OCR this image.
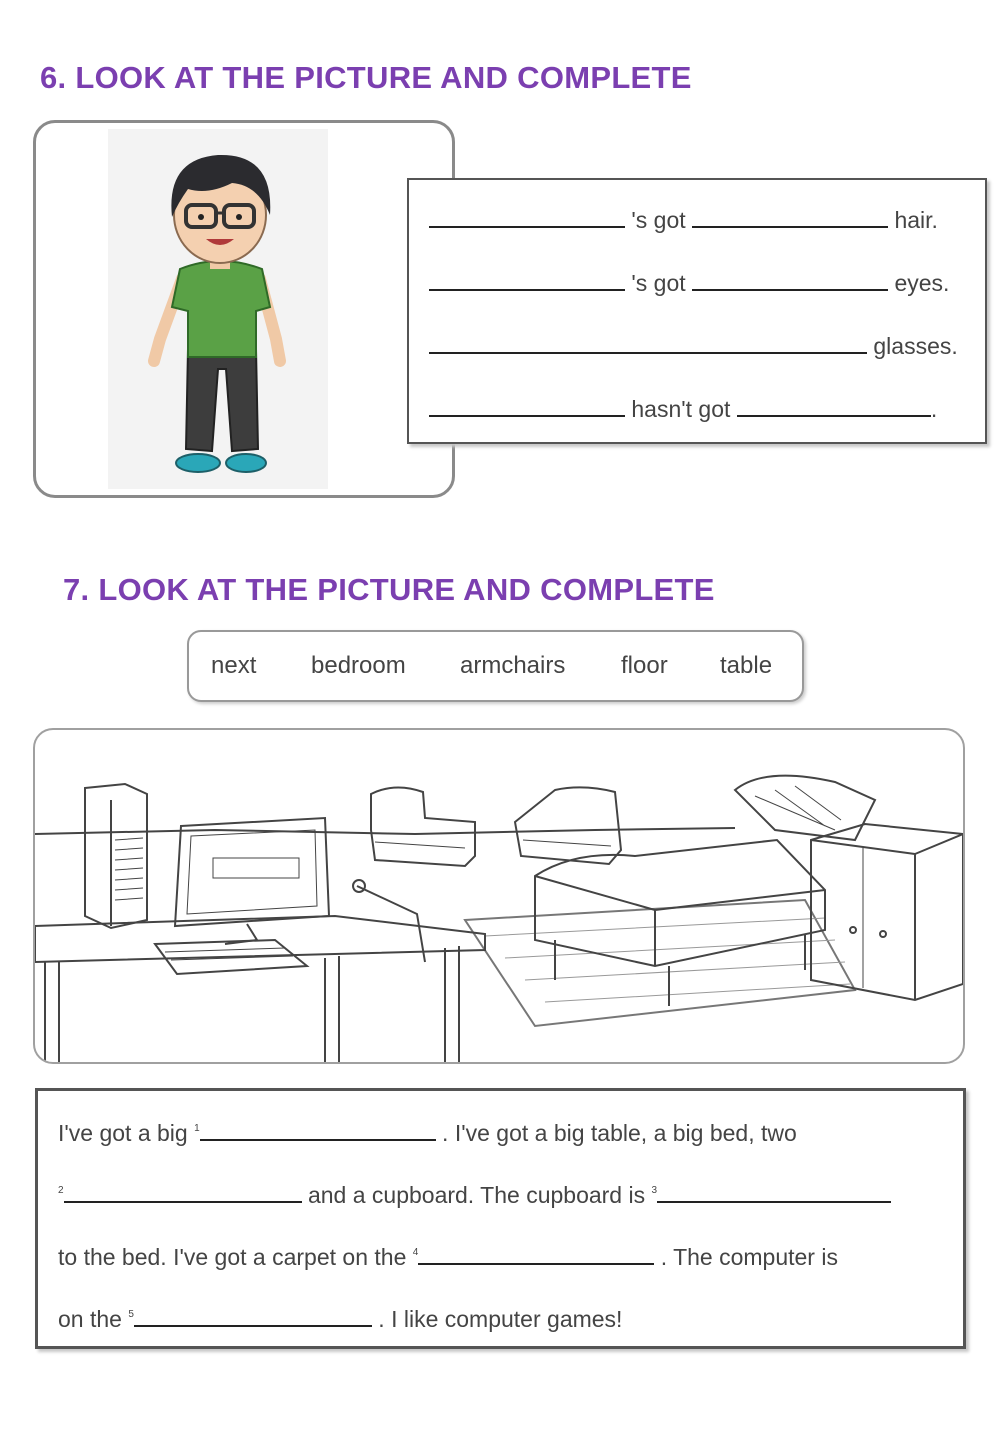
6. LOOK AT THE PICTURE AND COMPLETE
's got	hair.
's got	eyes.
glasses.
hasn't got	.
7. LOOK AT THE PICTURE AND COMPLETE
next bedroom armchairs floor table
I've got a big $^1$	. I've got a big table, a big bed, two
$^2$	and a cupboard. The cupboard is $^3$
to the bed. I've got a carpet on the $^4$	. The computer is
on the $^5$	. I like computer games!
